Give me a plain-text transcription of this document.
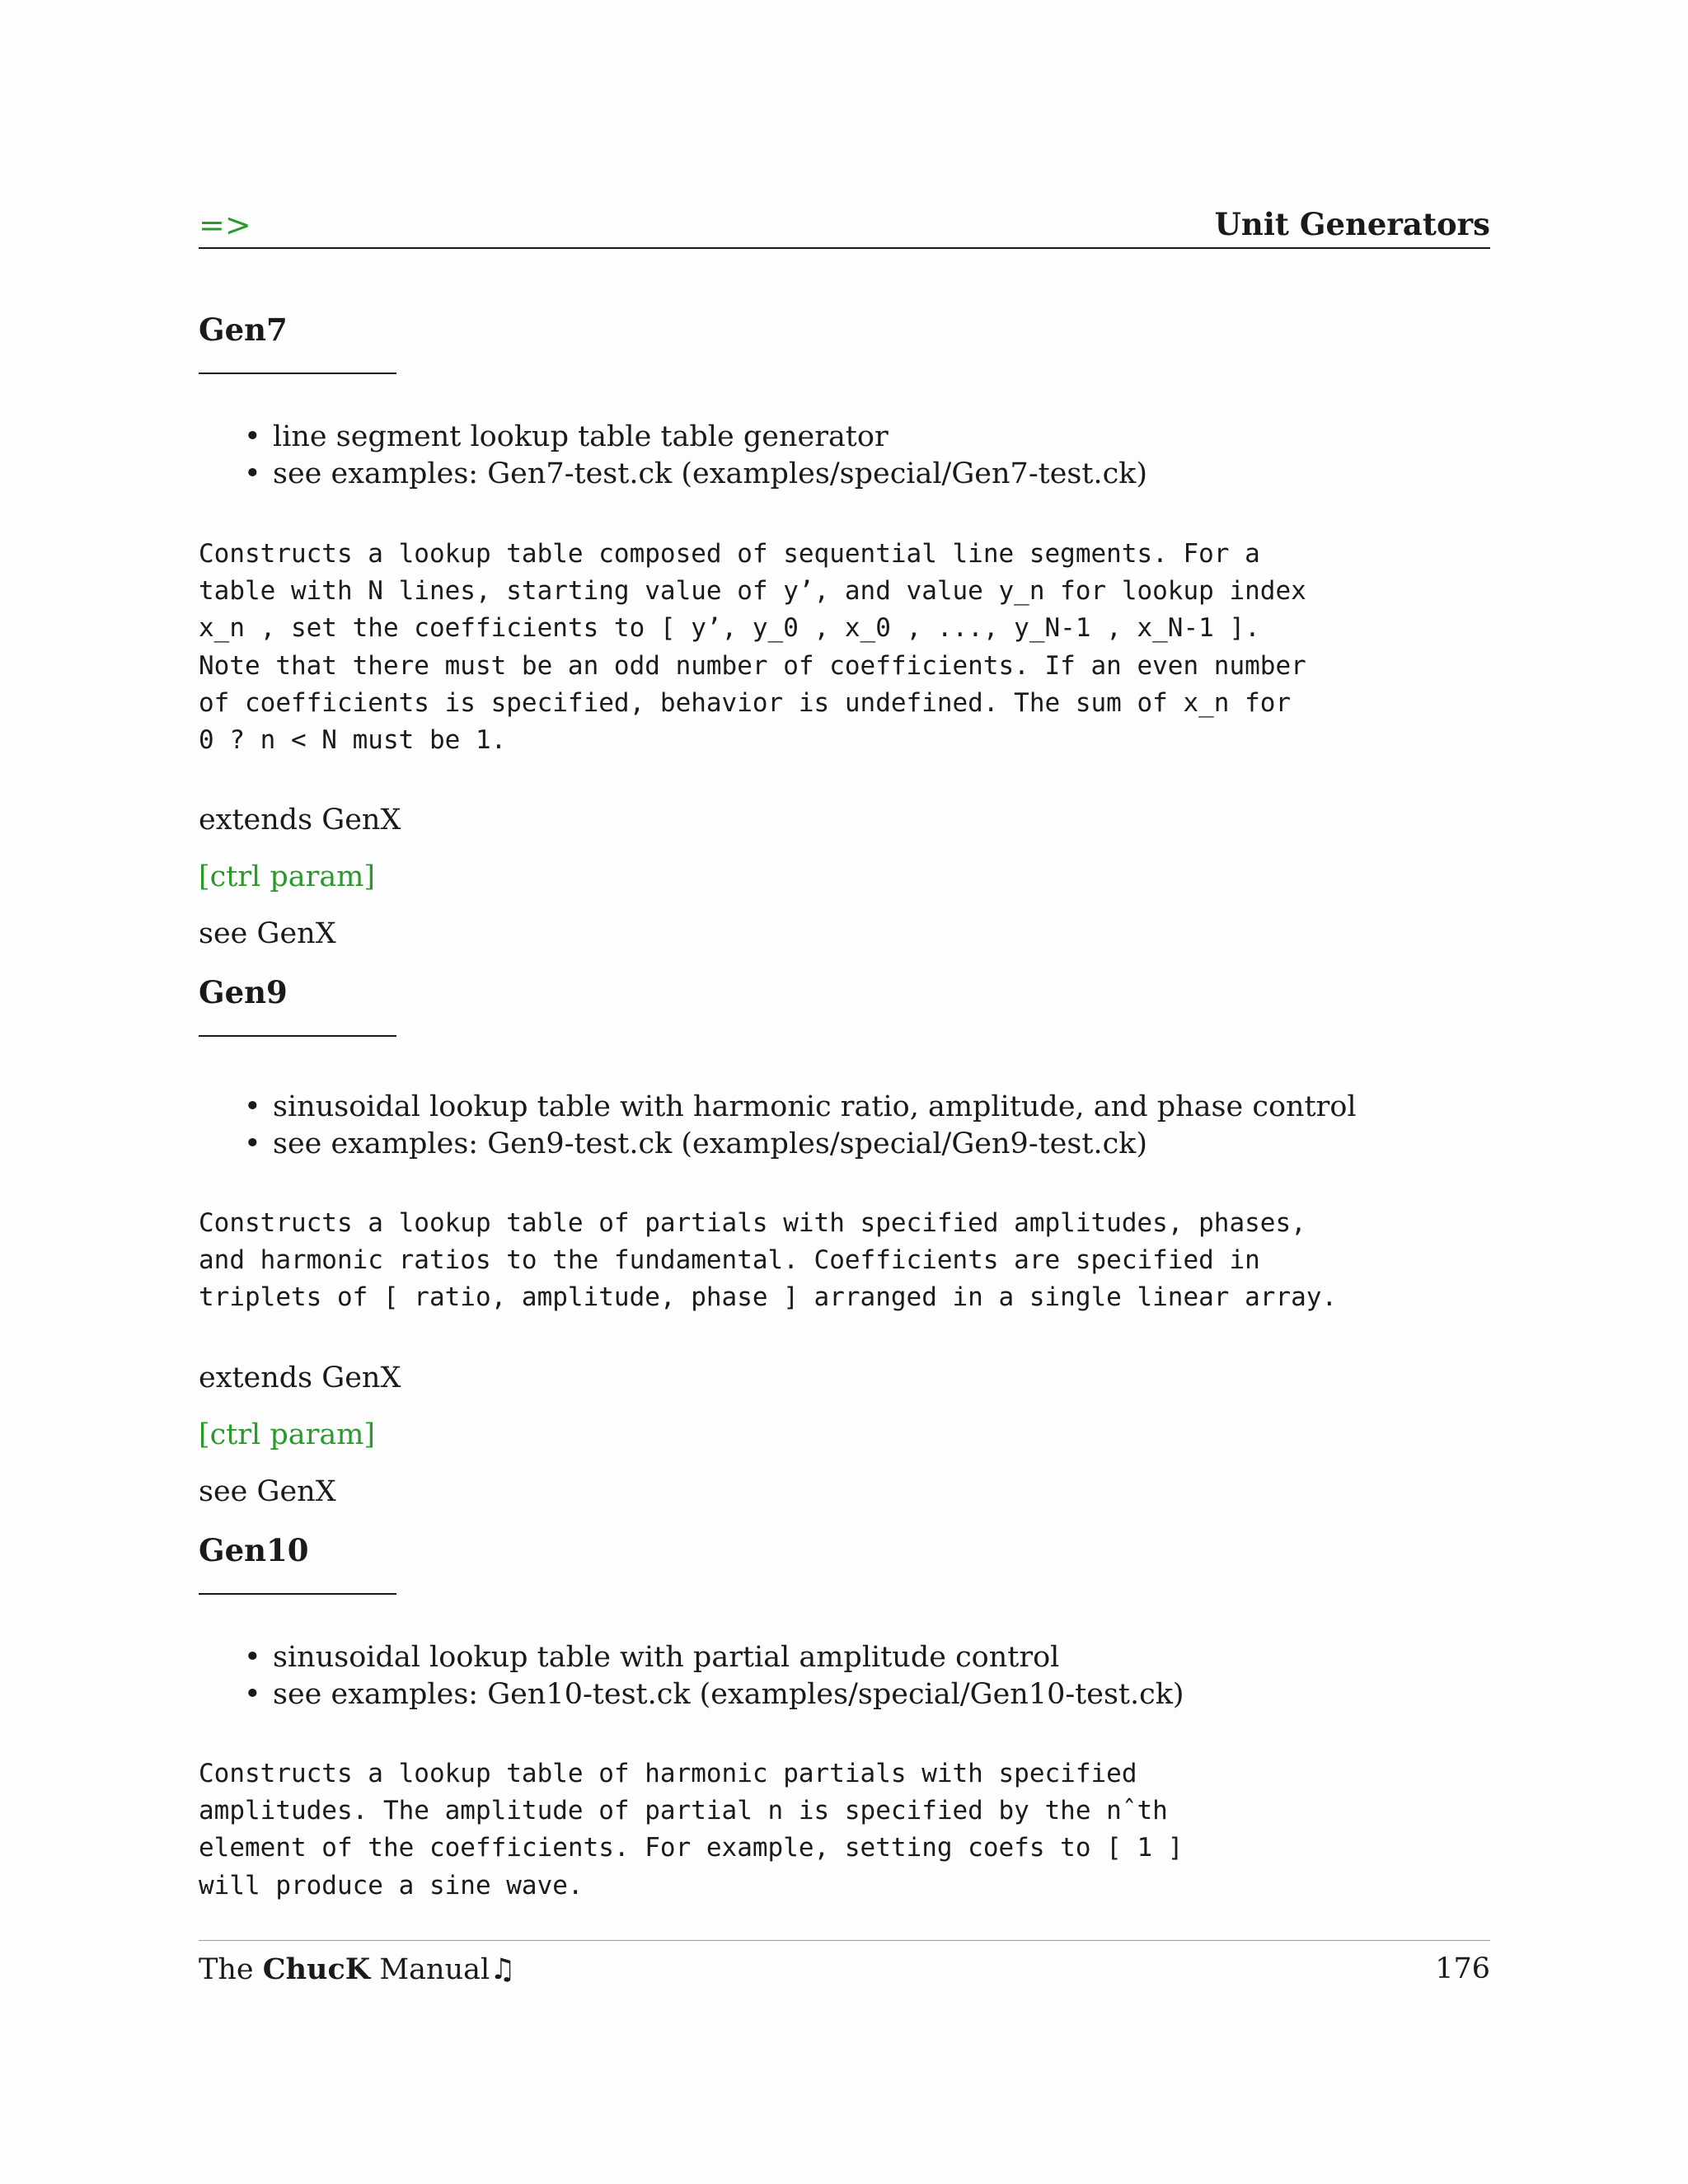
=>	Unit Generators
Gen7
• line segment lookup table table generator
• see examples: Gen7-test.ck (examples/special/Gen7-test.ck)
Constructs a lookup table composed of sequential line segments. For a
table with N lines, starting value of y’, and value y_n for lookup index
x_n , set the coefficients to [ y’, y_0 , x_0 , ..., y_N-1 , x_N-1 ].
Note that there must be an odd number of coefficients. If an even number
of coefficients is specified, behavior is undefined. The sum of x_n for
0 ? n < N must be 1.
extends GenX
[ctrl param]
see GenX
Gen9
• sinusoidal lookup table with harmonic ratio, amplitude, and phase control
• see examples: Gen9-test.ck (examples/special/Gen9-test.ck)
Constructs a lookup table of partials with specified amplitudes, phases,
and harmonic ratios to the fundamental. Coefficients are specified in
triplets of [ ratio, amplitude, phase ] arranged in a single linear array.
extends GenX
[ctrl param]
see GenX
Gen10
• sinusoidal lookup table with partial amplitude control
• see examples: Gen10-test.ck (examples/special/Gen10-test.ck)
Constructs a lookup table of harmonic partials with specified
amplitudes. The amplitude of partial n is specified by the nˆth
element of the coefficients. For example, setting coefs to [ 1 ]
will produce a sine wave.
The ChucK Manual♫	176
